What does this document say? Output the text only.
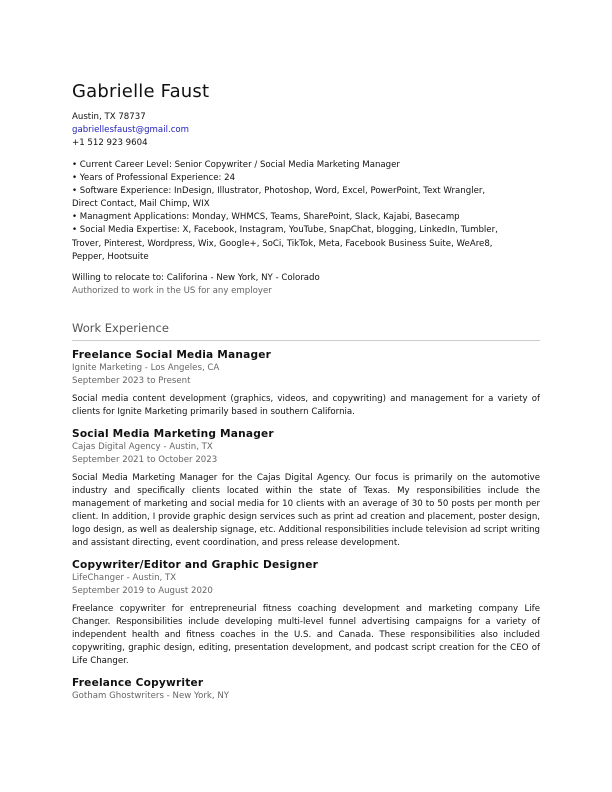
Gabrielle Faust
Austin, TX 78737
gabriellesfaust@gmail.com
+1 512 923 9604
• Current Career Level: Senior Copywriter / Social Media Marketing Manager
• Years of Professional Experience: 24
• Software Experience: InDesign, Illustrator, Photoshop, Word, Excel, PowerPoint, Text Wrangler,
Direct Contact, Mail Chimp, WIX
• Managment Applications: Monday, WHMCS, Teams, SharePoint, Slack, Kajabi, Basecamp
• Social Media Expertise: X, Facebook, Instagram, YouTube, SnapChat, blogging, LinkedIn, Tumbler,
Trover, Pinterest, Wordpress, Wix, Google+, SoCi, TikTok, Meta, Facebook Business Suite, WeAre8,
Pepper, Hootsuite
Willing to relocate to: Califorina - New York, NY - Colorado
Authorized to work in the US for any employer
Work Experience
Freelance Social Media Manager
Ignite Marketing - Los Angeles, CA
September 2023 to Present
Social media content development (graphics, videos, and copywriting) and management for a variety of clients for Ignite Marketing primarily based in southern California.
Social Media Marketing Manager
Cajas Digital Agency - Austin, TX
September 2021 to October 2023
Social Media Marketing Manager for the Cajas Digital Agency. Our focus is primarily on the automotive industry and specifically clients located within the state of Texas. My responsibilities include the management of marketing and social media for 10 clients with an average of 30 to 50 posts per month per client. In addition, I provide graphic design services such as print ad creation and placement, poster design, logo design, as well as dealership signage, etc. Additional responsibilities include television ad script writing and assistant directing, event coordination, and press release development.
Copywriter/Editor and Graphic Designer
LifeChanger - Austin, TX
September 2019 to August 2020
Freelance copywriter for entrepreneurial fitness coaching development and marketing company Life Changer. Responsibilities include developing multi-level funnel advertising campaigns for a variety of independent health and fitness coaches in the U.S. and Canada. These responsibilities also included copywriting, graphic design, editing, presentation development, and podcast script creation for the CEO of Life Changer.
Freelance Copywriter
Gotham Ghostwriters - New York, NY
